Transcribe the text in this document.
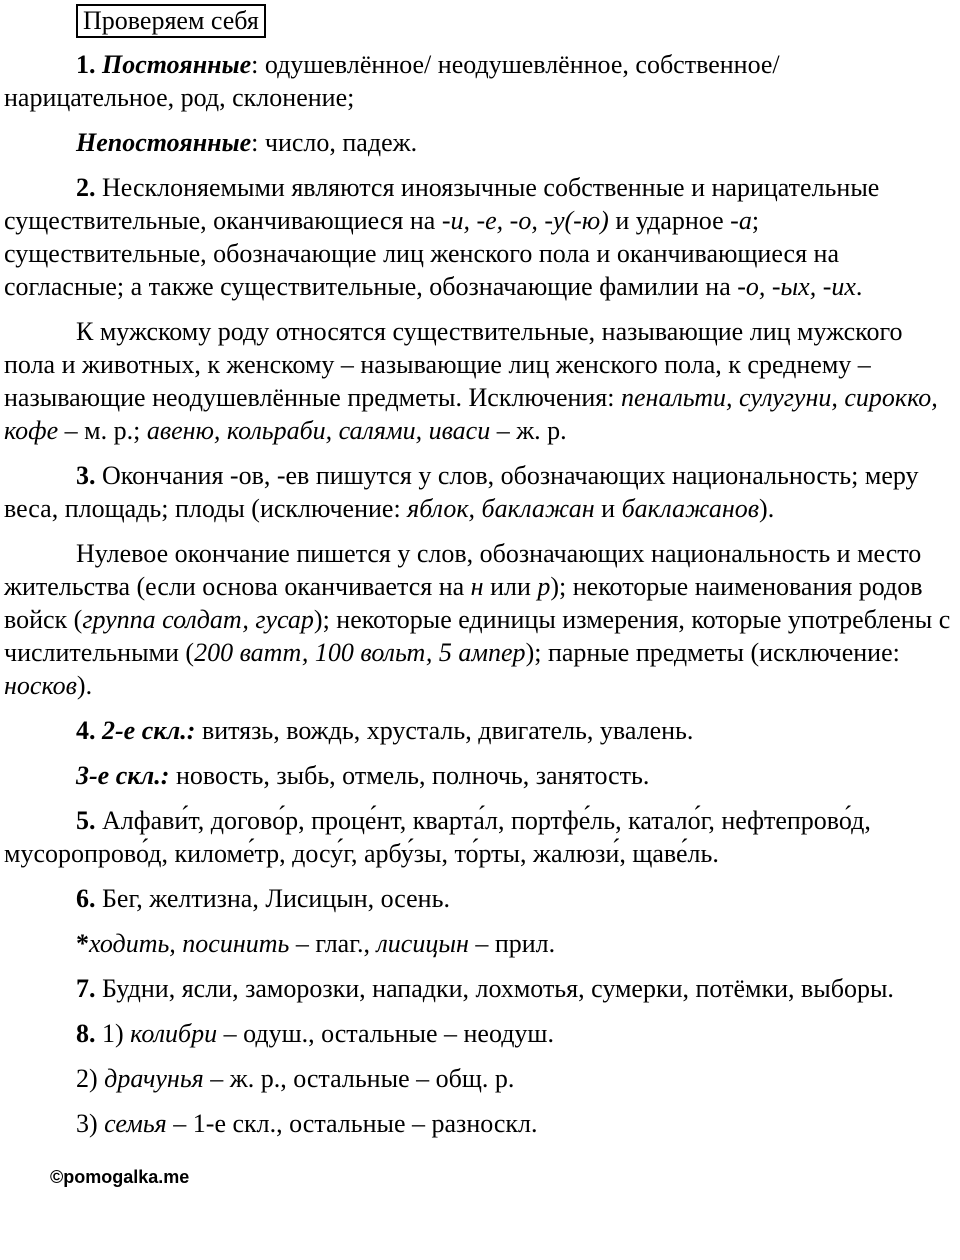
Проверяем себя

1. Постоянные: одушевлённое/ неодушевлённое, собственное/ нарицательное, род, склонение;

Непостоянные: число, падеж.

2. Несклоняемыми являются иноязычные собственные и нарицательные существительные, оканчивающиеся на -и, -е, -о, -у(-ю) и ударное -а; существительные, обозначающие лиц женского пола и оканчивающиеся на согласные; а также существительные, обозначающие фамилии на -о, -ых, -их.

К мужскому роду относятся существительные, называющие лиц мужского пола и животных, к женскому – называющие лиц женского пола, к среднему – называющие неодушевлённые предметы. Исключения: пенальти, сулугуни, сирокко, кофе – м. р.; авеню, кольраби, салями, иваси – ж. р.

3. Окончания -ов, -ев пишутся у слов, обозначающих национальность; меру веса, площадь; плоды (исключение: яблок, баклажан и баклажанов).

Нулевое окончание пишется у слов, обозначающих национальность и место жительства (если основа оканчивается на н или р); некоторые наименования родов войск (группа солдат, гусар); некоторые единицы измерения, которые употреблены с числительными (200 ватт, 100 вольт, 5 ампер); парные предметы (исключение: носков).

4. 2-е скл.: витязь, вождь, хрусталь, двигатель, увалень.

3-е скл.: новость, зыбь, отмель, полночь, занятость.

5. Алфави́т, догово́р, проце́нт, кварта́л, портфе́ль, катало́г, нефтепрово́д, мусоропрово́д, киломе́тр, досу́г, арбу́зы, то́рты, жалюзи́, щаве́ль.

6. Бег, желтизна, Лисицын, осень.

*ходить, посинить – глаг., лисицын – прил.

7. Будни, ясли, заморозки, нападки, лохмотья, сумерки, потёмки, выборы.

8. 1) колибри – одуш., остальные – неодуш.

2) драчунья – ж. р., остальные – общ. р.

3) семья – 1-е скл., остальные – разноскл.

©pomogalka.me
